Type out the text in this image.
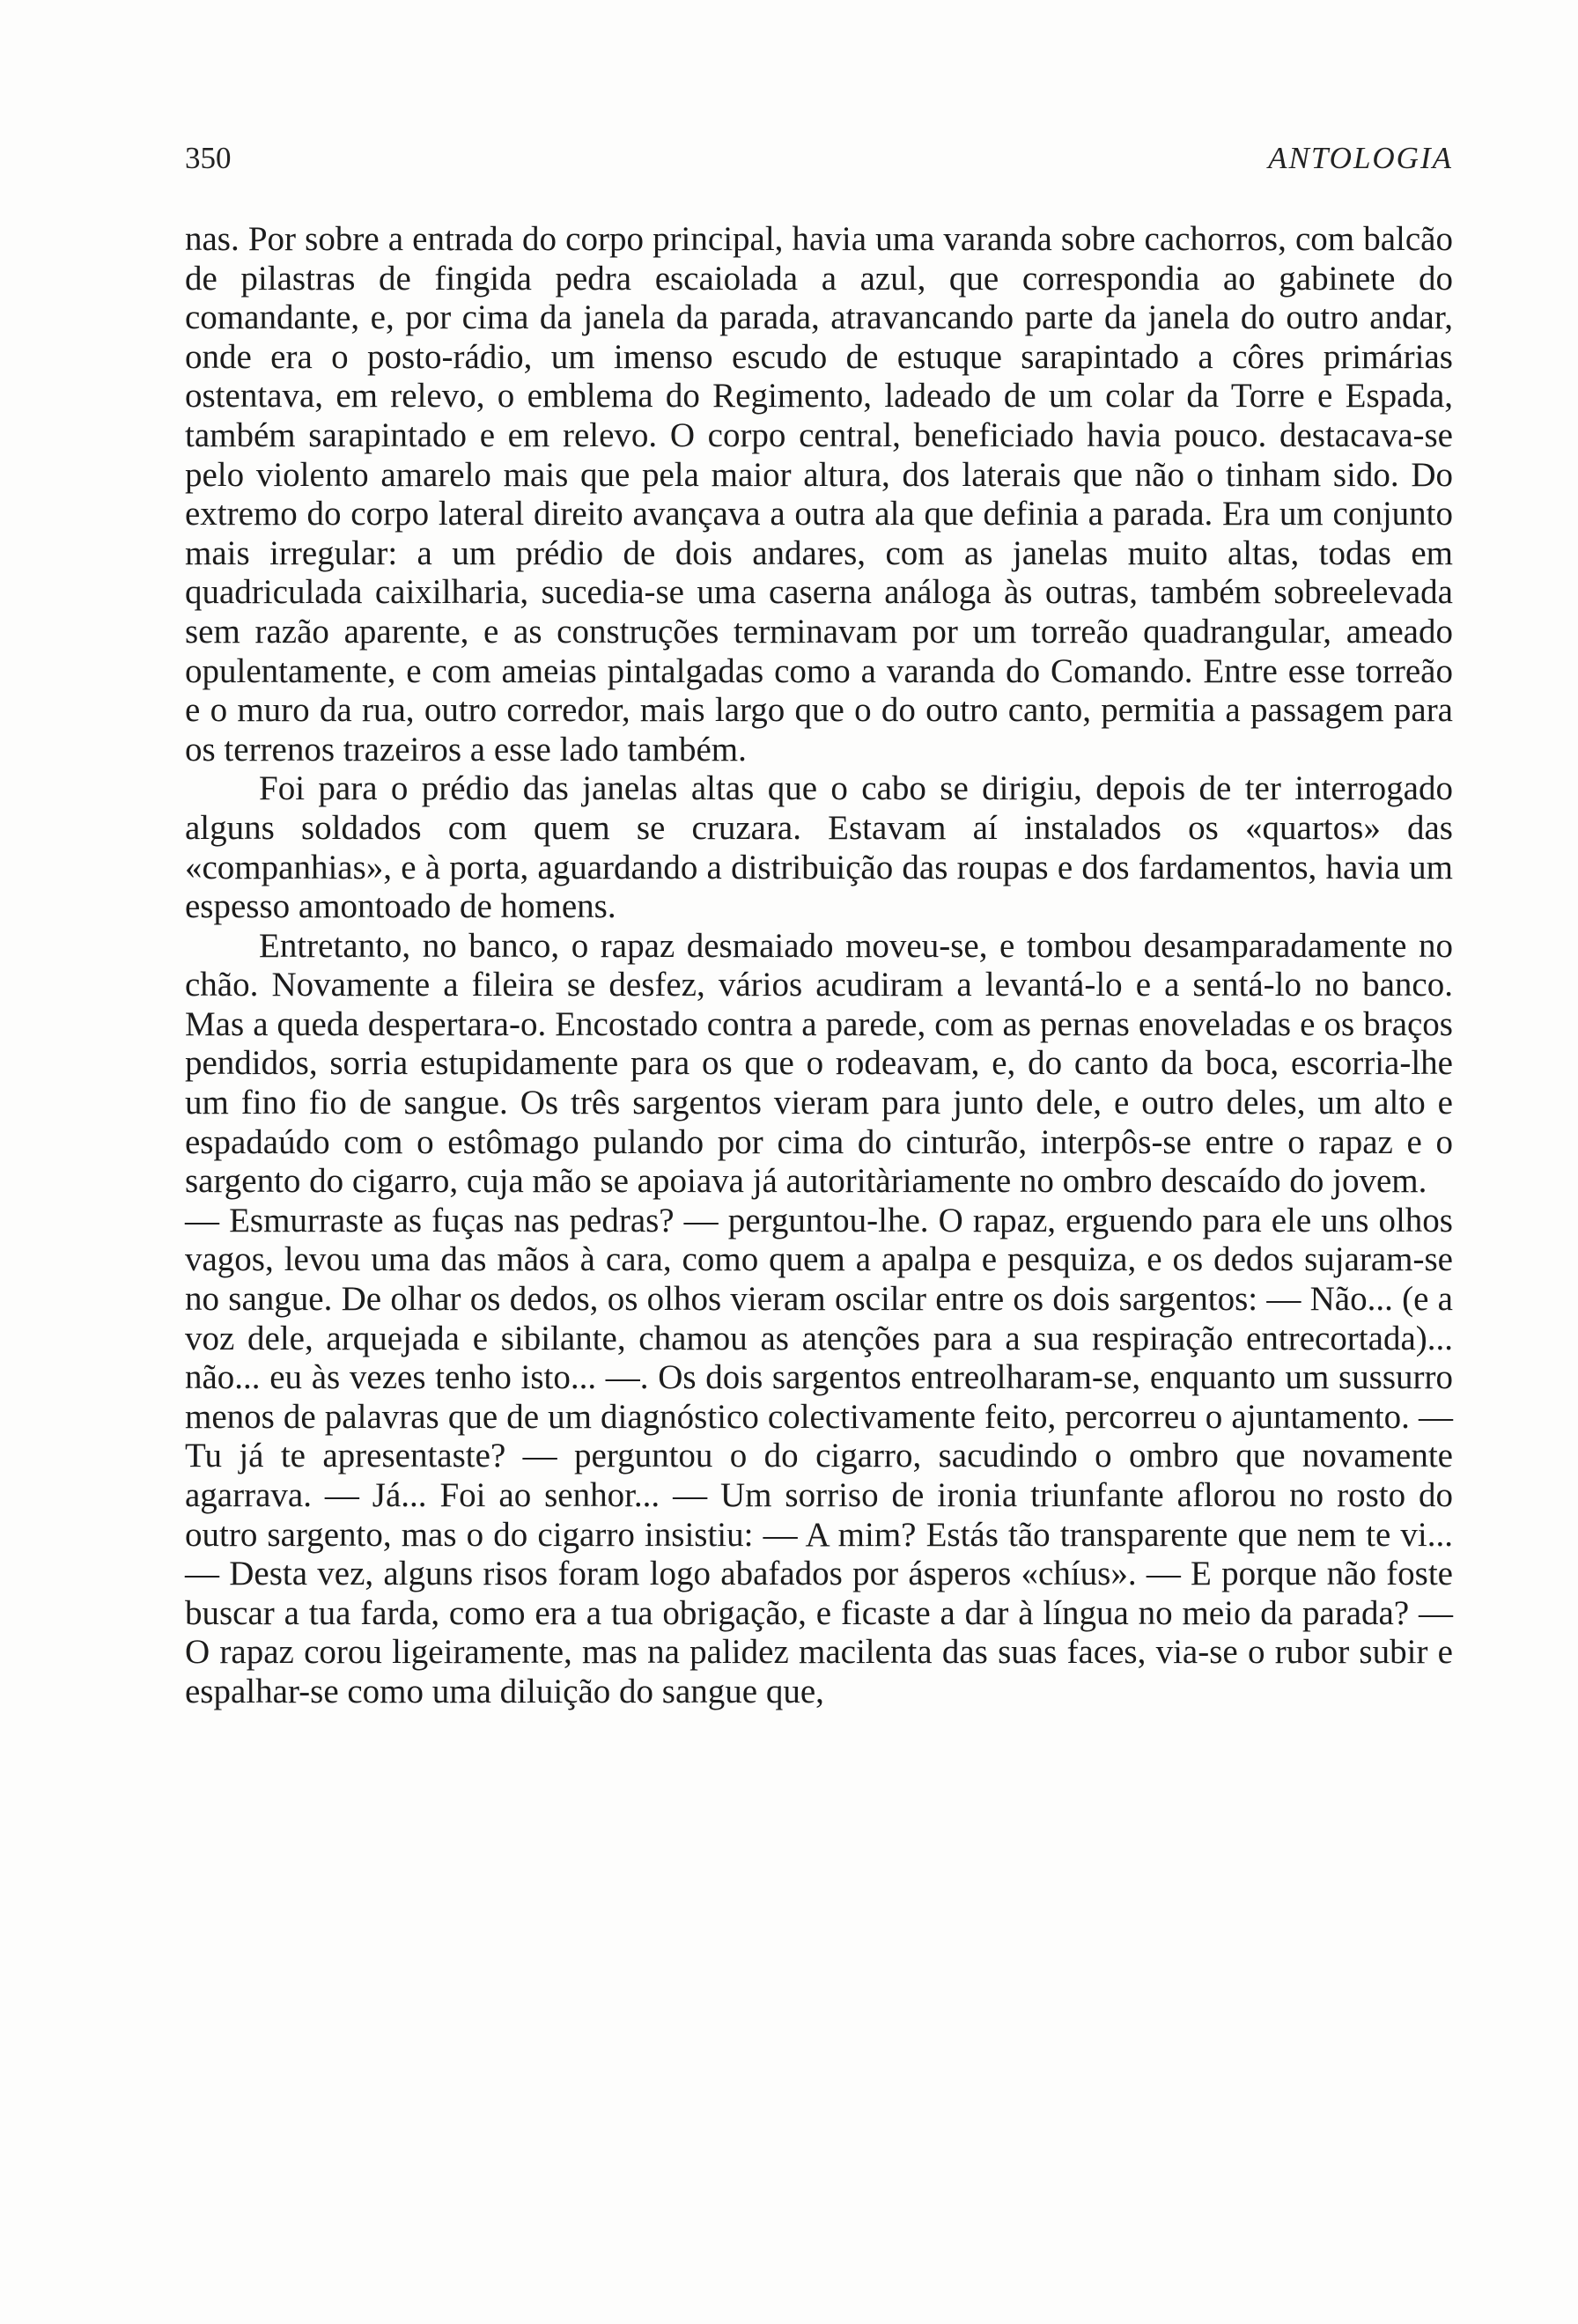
350	ANTOLOGIA

nas. Por sobre a entrada do corpo principal, havia uma varanda sobre cachorros, com balcão de pilastras de fingida pedra escaiolada a azul, que correspondia ao gabinete do comandante, e, por cima da janela da parada, atravancando parte da janela do outro andar, onde era o posto-rádio, um imenso escudo de estuque sarapintado a côres primárias ostentava, em relevo, o emblema do Regimento, ladeado de um colar da Torre e Espada, também sarapintado e em relevo. O corpo central, beneficiado havia pouco. destacava-se pelo violento amarelo mais que pela maior altura, dos laterais que não o tinham sido. Do extremo do corpo lateral direito avançava a outra ala que definia a parada. Era um conjunto mais irregular: a um prédio de dois andares, com as janelas muito altas, todas em quadriculada caixilharia, sucedia-se uma caserna análoga às outras, também sobreelevada sem razão aparente, e as construções terminavam por um torreão quadrangular, ameado opulentamente, e com ameias pintalgadas como a varanda do Comando. Entre esse torreão e o muro da rua, outro corredor, mais largo que o do outro canto, permitia a passagem para os terrenos trazeiros a esse lado também.

Foi para o prédio das janelas altas que o cabo se dirigiu, depois de ter interrogado alguns soldados com quem se cruzara. Estavam aí instalados os «quartos» das «companhias», e à porta, aguardando a distribuição das roupas e dos fardamentos, havia um espesso amontoado de homens.

Entretanto, no banco, o rapaz desmaiado moveu-se, e tombou desamparadamente no chão. Novamente a fileira se desfez, vários acudiram a levantá-lo e a sentá-lo no banco. Mas a queda despertara-o. Encostado contra a parede, com as pernas enoveladas e os braços pendidos, sorria estupidamente para os que o rodeavam, e, do canto da boca, escorria-lhe um fino fio de sangue. Os três sargentos vieram para junto dele, e outro deles, um alto e espadaúdo com o estômago pulando por cima do cinturão, interpôs-se entre o rapaz e o sargento do cigarro, cuja mão se apoiava já autoritàriamente no ombro descaído do jovem.

— Esmurraste as fuças nas pedras? — perguntou-lhe. O rapaz, erguendo para ele uns olhos vagos, levou uma das mãos à cara, como quem a apalpa e pesquiza, e os dedos sujaram-se no sangue. De olhar os dedos, os olhos vieram oscilar entre os dois sargentos: — Não... (e a voz dele, arquejada e sibilante, chamou as atenções para a sua respiração entrecortada)... não... eu às vezes tenho isto... —. Os dois sargentos entreolharam-se, enquanto um sussurro menos de palavras que de um diagnóstico colectivamente feito, percorreu o ajuntamento. — Tu já te apresentaste? — perguntou o do cigarro, sacudindo o ombro que novamente agarrava. — Já... Foi ao senhor... — Um sorriso de ironia triunfante aflorou no rosto do outro sargento, mas o do cigarro insistiu: — A mim? Estás tão transparente que nem te vi... — Desta vez, alguns risos foram logo abafados por ásperos «chíus». — E porque não foste buscar a tua farda, como era a tua obrigação, e ficaste a dar à língua no meio da parada? — O rapaz corou ligeiramente, mas na palidez macilenta das suas faces, via-se o rubor subir e espalhar-se como uma diluição do sangue que,
